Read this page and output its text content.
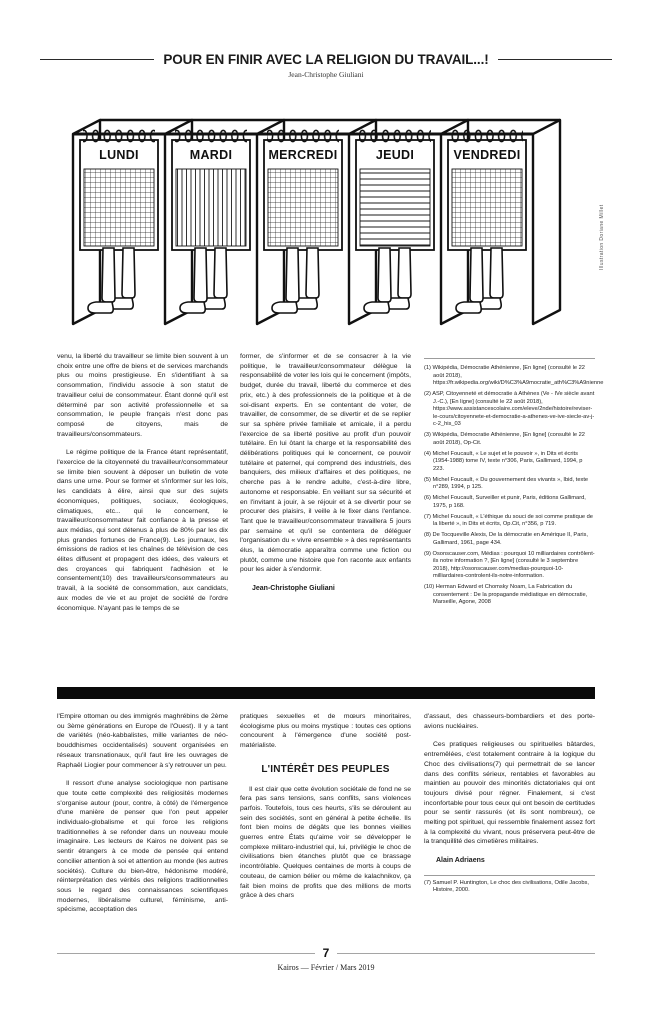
POUR EN FINIR AVEC LA RELIGION DU TRAVAIL...!
Jean-Christophe Giuliani
LUNDI	MARDI	MERCREDI	JEUDI	VENDREDI
Illustration Doriane Millet

venu, la liberté du travailleur se limite bien souvent à un choix entre une offre de biens et de services marchands plus ou moins prestigieuse. En s'identifiant à sa consommation, l'individu associe à son statut de travailleur celui de consommateur. Étant donné qu'il est déterminé par son activité professionnelle et sa consommation, le peuple français n'est donc pas composé de citoyens, mais de travailleurs/consommateurs.

Le régime politique de la France étant représentatif, l'exercice de la citoyenneté du travailleur/consommateur se limite bien souvent à déposer un bulletin de vote dans une urne. Pour se former et s'informer sur les lois, les candidats à élire, ainsi que sur des sujets économiques, politiques, sociaux, écologiques, climatiques, etc... qui le concernent, le travailleur/consommateur fait confiance à la presse et aux médias, qui sont détenus à plus de 80% par les dix plus grandes fortunes de France(9). Les journaux, les émissions de radios et les chaînes de télévision de ces élites diffusent et propagent des idées, des valeurs et des croyances qui fabriquent l'adhésion et le consentement(10) des travailleurs/consommateurs au travail, à la société de consommation, aux candidats, aux modes de vie et au projet de société de l'ordre économique. N'ayant pas le temps de se

former, de s'informer et de se consacrer à la vie politique, le travailleur/consommateur délègue la responsabilité de voter les lois qui le concernent (impôts, budget, durée du travail, liberté du commerce et des prix, etc.) à des professionnels de la politique et à de soi-disant experts. En se contentant de voter, de travailler, de consommer, de se divertir et de se replier sur sa sphère privée familiale et amicale, il a perdu l'exercice de sa liberté positive au profit d'un pouvoir tutélaire. En lui ôtant la charge et la responsabilité des délibérations politiques qui le concernent, ce pouvoir tutélaire et paternel, qui comprend des industriels, des banquiers, des milieux d'affaires et des politiques, ne cherche pas à le rendre adulte, c'est-à-dire libre, autonome et responsable. En veillant sur sa sécurité et en l'invitant à jouir, à se réjouir et à se divertir pour se procurer des plaisirs, il veille à le fixer dans l'enfance. Tant que le travailleur/consommateur travaillera 5 jours par semaine et qu'il se contentera de déléguer l'organisation du « vivre ensemble » à des représentants élus, la démocratie apparaîtra comme une fiction ou plutôt, comme une histoire que l'on raconte aux enfants pour les aider à s'endormir.

Jean-Christophe Giuliani

(1) Wikipédia, Démocratie Athénienne, [En ligne] (consulté le 22 août 2018), https://fr.wikipedia.org/wiki/D%C3%A9mocratie_ath%C3%A9nienne

(2) ASP, Citoyenneté et démocratie à Athènes (Ve - IVe siècle avant J.-C.), [En ligne] (consulté le 22 août 2018), https://www.assistancescolaire.com/eleve/2nde/histoire/reviser-le-cours/citoyennete-et-democratie-a-athenes-ve-ive-siecle-av-j-c-2_his_03

(3) Wikipédia, Démocratie Athénienne, [En ligne] (consulté le 22 août 2018), Op-Cit.

(4) Michel Foucault, « Le sujet et le pouvoir », in Dits et écrits (1954-1988) tome IV, texte n°306, Paris, Gallimard, 1994, p 223.

(5) Michel Foucault, « Du gouvernement des vivants », Ibid, texte n°289, 1994, p 125.

(6) Michel Foucault, Surveiller et punir, Paris, éditions Gallimard, 1975, p 168.

(7) Michel Foucault, « L'éthique du souci de soi comme pratique de la liberté », in Dits et écrits, Op.Cit, n°356, p 719.

(8) De Tocqueville Alexis, De la démocratie en Amérique II, Paris, Gallimard, 1961, page 434.

(9) Osonscauser.com, Médias : pourquoi 10 milliardaires contrôlent-ils notre information ?, [En ligne] (consulté le 3 septembre 2018), http://osonscauser.com/medias-pourquoi-10-milliardaires-controlent-ils-notre-information.

(10) Herman Edward et Chomsky Noam, La Fabrication du consentement : De la propagande médiatique en démocratie, Marseille, Agone, 2008

l'Empire ottoman ou des immigrés maghrébins de 2ème ou 3ème générations en Europe de l'Ouest). Il y a tant de variétés (néo-kabbalistes, mille variantes de néo-bouddhismes occidentalisés) souvent organisées en réseaux transnationaux, qu'il faut lire les ouvrages de Raphaël Liogier pour commencer à s'y retrouver un peu.

Il ressort d'une analyse sociologique non partisane que toute cette complexité des religiosités modernes s'organise autour (pour, contre, à côté) de l'émergence d'une manière de penser que l'on peut appeler individualo-globalisme et qui force les religions traditionnelles à se refonder dans un nouveau moule imaginaire. Les lecteurs de Kairos ne doivent pas se sentir étrangers à ce mode de pensée qui entend concilier attention à soi et attention au monde (les autres sociétés). Culture du bien-être, hédonisme modéré, réinterprétation des vérités des religions traditionnelles sous le regard des connaissances scientifiques modernes, libéralisme culturel, féminisme, anti-spécisme, acceptation des

pratiques sexuelles et de mœurs minoritaires, écologisme plus ou moins mystique : toutes ces options concourent à l'émergence d'une société post-matérialiste.

L'INTÉRÊT DES PEUPLES

Il est clair que cette évolution sociétale de fond ne se fera pas sans tensions, sans conflits, sans violences parfois. Toutefois, tous ces heurts, s'ils se déroulent au sein des sociétés, sont en général à petite échelle. Ils font bien moins de dégâts que les bonnes vieilles guerres entre États qu'aime voir se développer le complexe militaro-industriel qui, lui, privilégie le choc de civilisations bien étanches plutôt que ce brassage incontrôlable. Quelques centaines de morts à coups de couteau, de camion bélier ou même de kalachnikov, ça fait bien moins de profits que des millions de morts grâce à des chars

d'assaut, des chasseurs-bombardiers et des porte-avions nucléaires.

Ces pratiques religieuses ou spirituelles bâtardes, entremêlées, c'est totalement contraire à la logique du Choc des civilisations(7) qui permettrait de se lancer dans des conflits sérieux, rentables et favorables au maintien au pouvoir des minorités dictatoriales qui ont toujours divisé pour régner. Finalement, si c'est inconfortable pour tous ceux qui ont besoin de certitudes pour se sentir rassurés (et ils sont nombreux), ce melting pot spirituel, qui ressemble finalement assez fort à la complexité du vivant, nous préservera peut-être de la tranquillité des cimetières militaires.

Alain Adriaens

(7) Samuel P. Huntington, Le choc des civilisations, Odile Jacobs, Histoire, 2000.

7
Kairos — Février / Mars 2019
